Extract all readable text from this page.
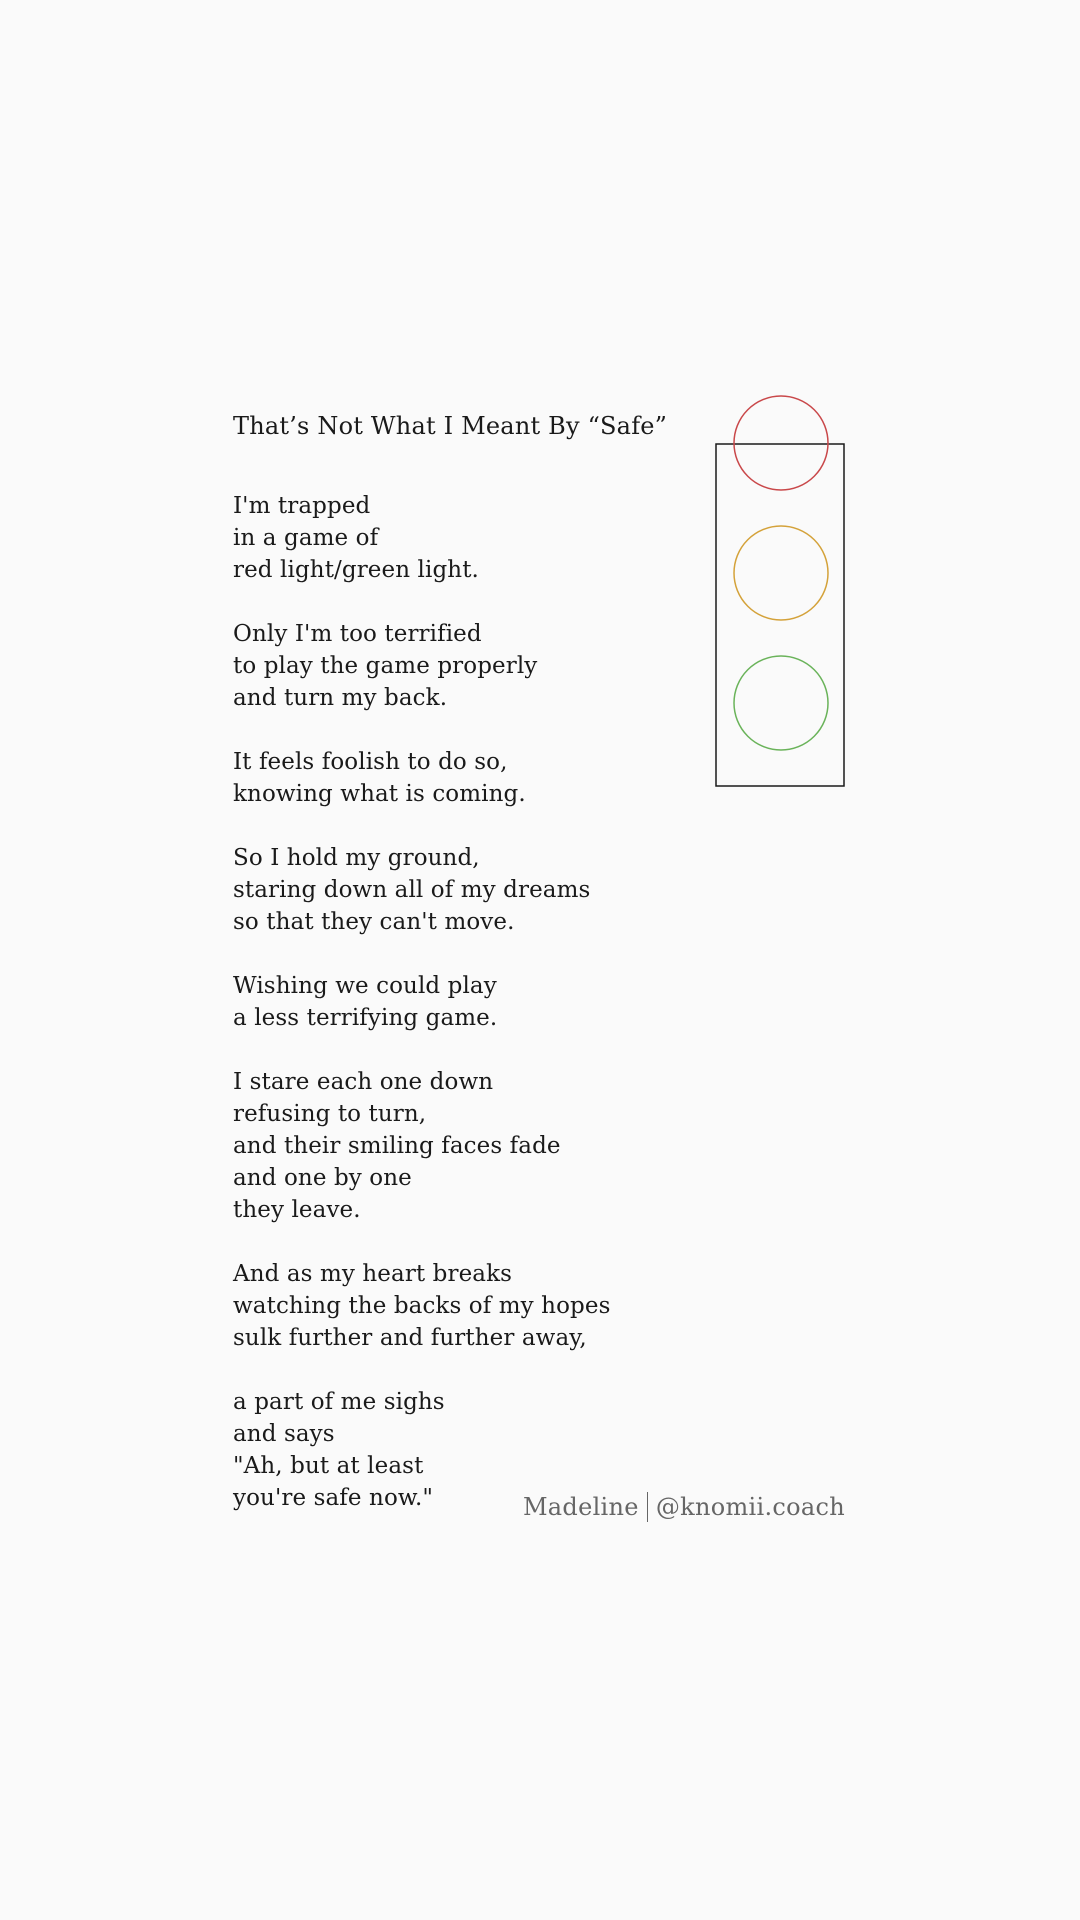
That’s Not What I Meant By “Safe”
I'm trapped
in a game of
red light/green light.
Only I'm too terrified
to play the game properly
and turn my back.
It feels foolish to do so,
knowing what is coming.
So I hold my ground,
staring down all of my dreams
so that they can't move.
Wishing we could play
a less terrifying game.
I stare each one down
refusing to turn,
and their smiling faces fade
and one by one
they leave.
And as my heart breaks
watching the backs of my hopes
sulk further and further away,
a part of me sighs
and says
"Ah, but at least
you're safe now."	Madeline @knomii.coach
